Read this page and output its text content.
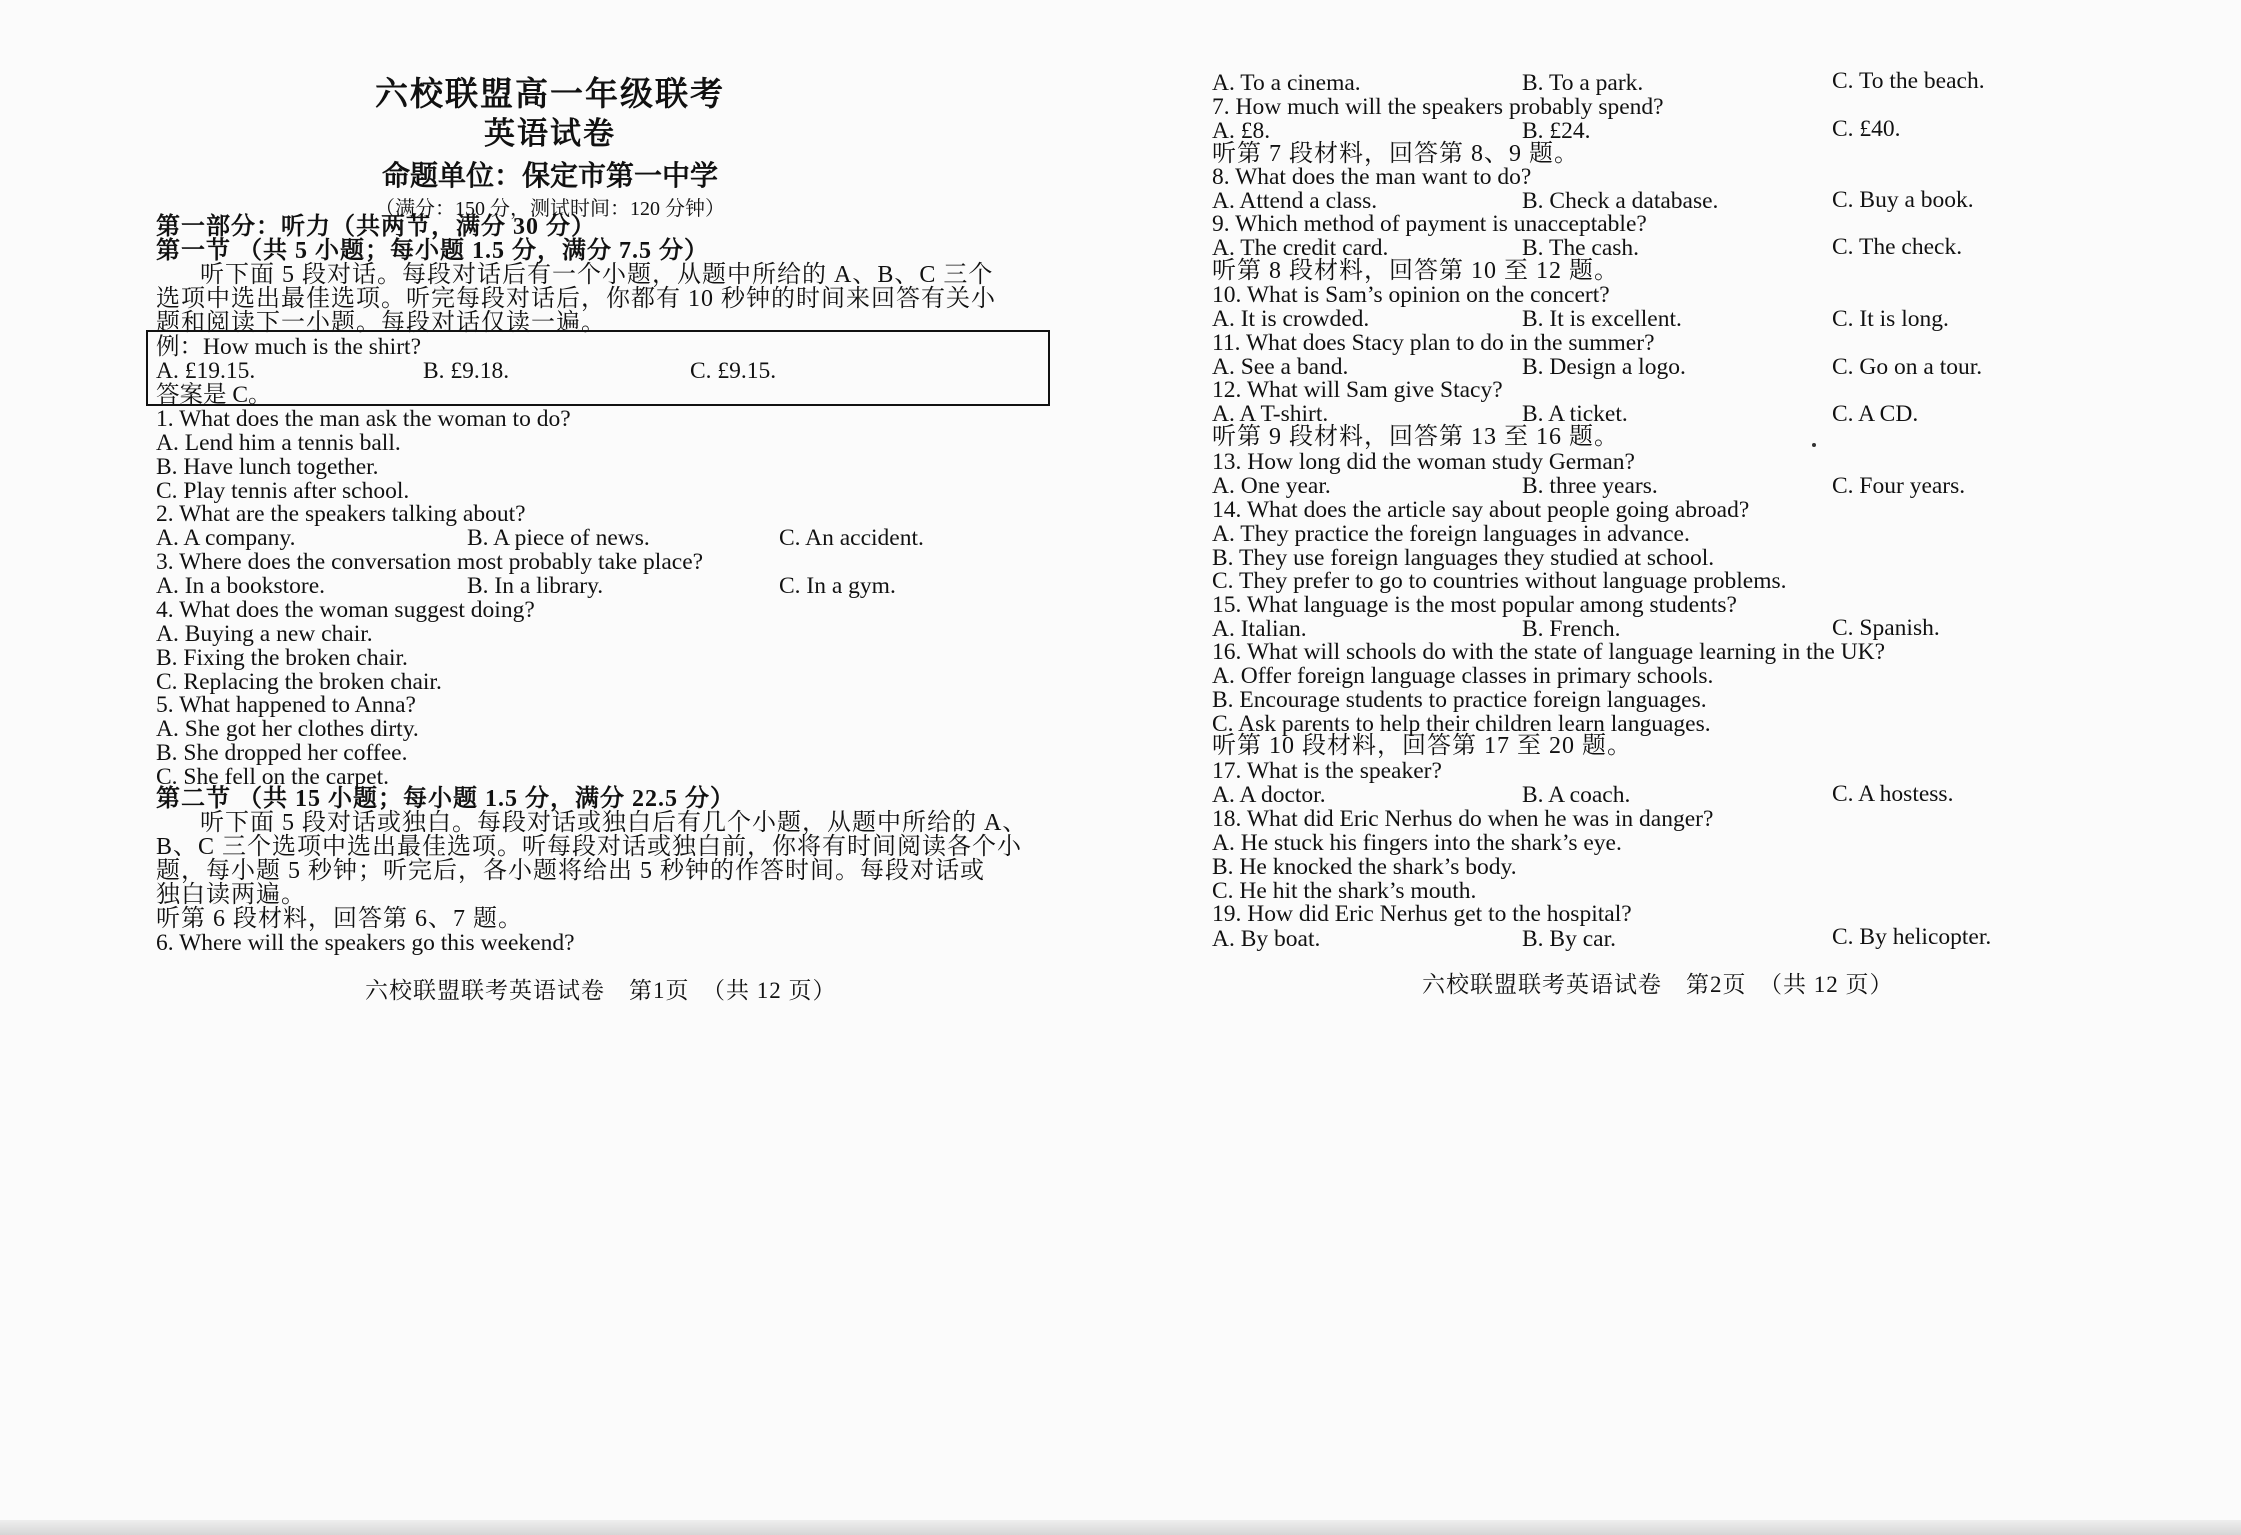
六校联盟高一年级联考
英语试卷
命题单位：保定市第一中学
（满分：150 分，测试时间：120 分钟）
第一部分：听力（共两节，满分 30 分）
第一节 （共 5 小题；每小题 1.5 分，满分 7.5 分）
听下面 5 段对话。每段对话后有一个小题，从题中所给的 A、B、C 三个
选项中选出最佳选项。听完每段对话后，你都有 10 秒钟的时间来回答有关小
题和阅读下一小题。每段对话仅读一遍。
例：How much is the shirt?
A. £19.15.	B. £9.18.	C. £9.15.
答案是 C。
1. What does the man ask the woman to do?
A. Lend him a tennis ball.
B. Have lunch together.
C. Play tennis after school.
2. What are the speakers talking about?
A. A company.	B. A piece of news.	C. An accident.
3. Where does the conversation most probably take place?
A. In a bookstore.	B. In a library.	C. In a gym.
4. What does the woman suggest doing?
A. Buying a new chair.
B. Fixing the broken chair.
C. Replacing the broken chair.
5. What happened to Anna?
A. She got her clothes dirty.
B. She dropped her coffee.
C. She fell on the carpet.
第二节 （共 15 小题；每小题 1.5 分，满分 22.5 分）
听下面 5 段对话或独白。每段对话或独白后有几个小题，从题中所给的 A、
B、C 三个选项中选出最佳选项。听每段对话或独白前，你将有时间阅读各个小
题，每小题 5 秒钟；听完后，各小题将给出 5 秒钟的作答时间。每段对话或
独白读两遍。
听第 6 段材料，回答第 6、7 题。
6. Where will the speakers go this weekend?
六校联盟联考英语试卷　第1页　（共 12 页）
A. To a cinema.	B. To a park.	C. To the beach.
7. How much will the speakers probably spend?
A. £8.	B. £24.	C. £40.
听第 7 段材料，回答第 8、9 题。
8. What does the man want to do?
A. Attend a class.	B. Check a database.	C. Buy a book.
9. Which method of payment is unacceptable?
A. The credit card.	B. The cash.	C. The check.
听第 8 段材料，回答第 10 至 12 题。
10. What is Sam’s opinion on the concert?
A. It is crowded.	B. It is excellent.	C. It is long.
11. What does Stacy plan to do in the summer?
A. See a band.	B. Design a logo.	C. Go on a tour.
12. What will Sam give Stacy?
A. A T-shirt.	B. A ticket.	C. A CD.
听第 9 段材料，回答第 13 至 16 题。
13. How long did the woman study German?
A. One year.	B. three years.	C. Four years.
14. What does the article say about people going abroad?
A. They practice the foreign languages in advance.
B. They use foreign languages they studied at school.
C. They prefer to go to countries without language problems.
15. What language is the most popular among students?
A. Italian.	B. French.	C. Spanish.
16. What will schools do with the state of language learning in the UK?
A. Offer foreign language classes in primary schools.
B. Encourage students to practice foreign languages.
C. Ask parents to help their children learn languages.
听第 10 段材料，回答第 17 至 20 题。
17. What is the speaker?
A. A doctor.	B. A coach.	C. A hostess.
18. What did Eric Nerhus do when he was in danger?
A. He stuck his fingers into the shark’s eye.
B. He knocked the shark’s body.
C. He hit the shark’s mouth.
19. How did Eric Nerhus get to the hospital?
A. By boat.	B. By car.	C. By helicopter.
六校联盟联考英语试卷　第2页　（共 12 页）
